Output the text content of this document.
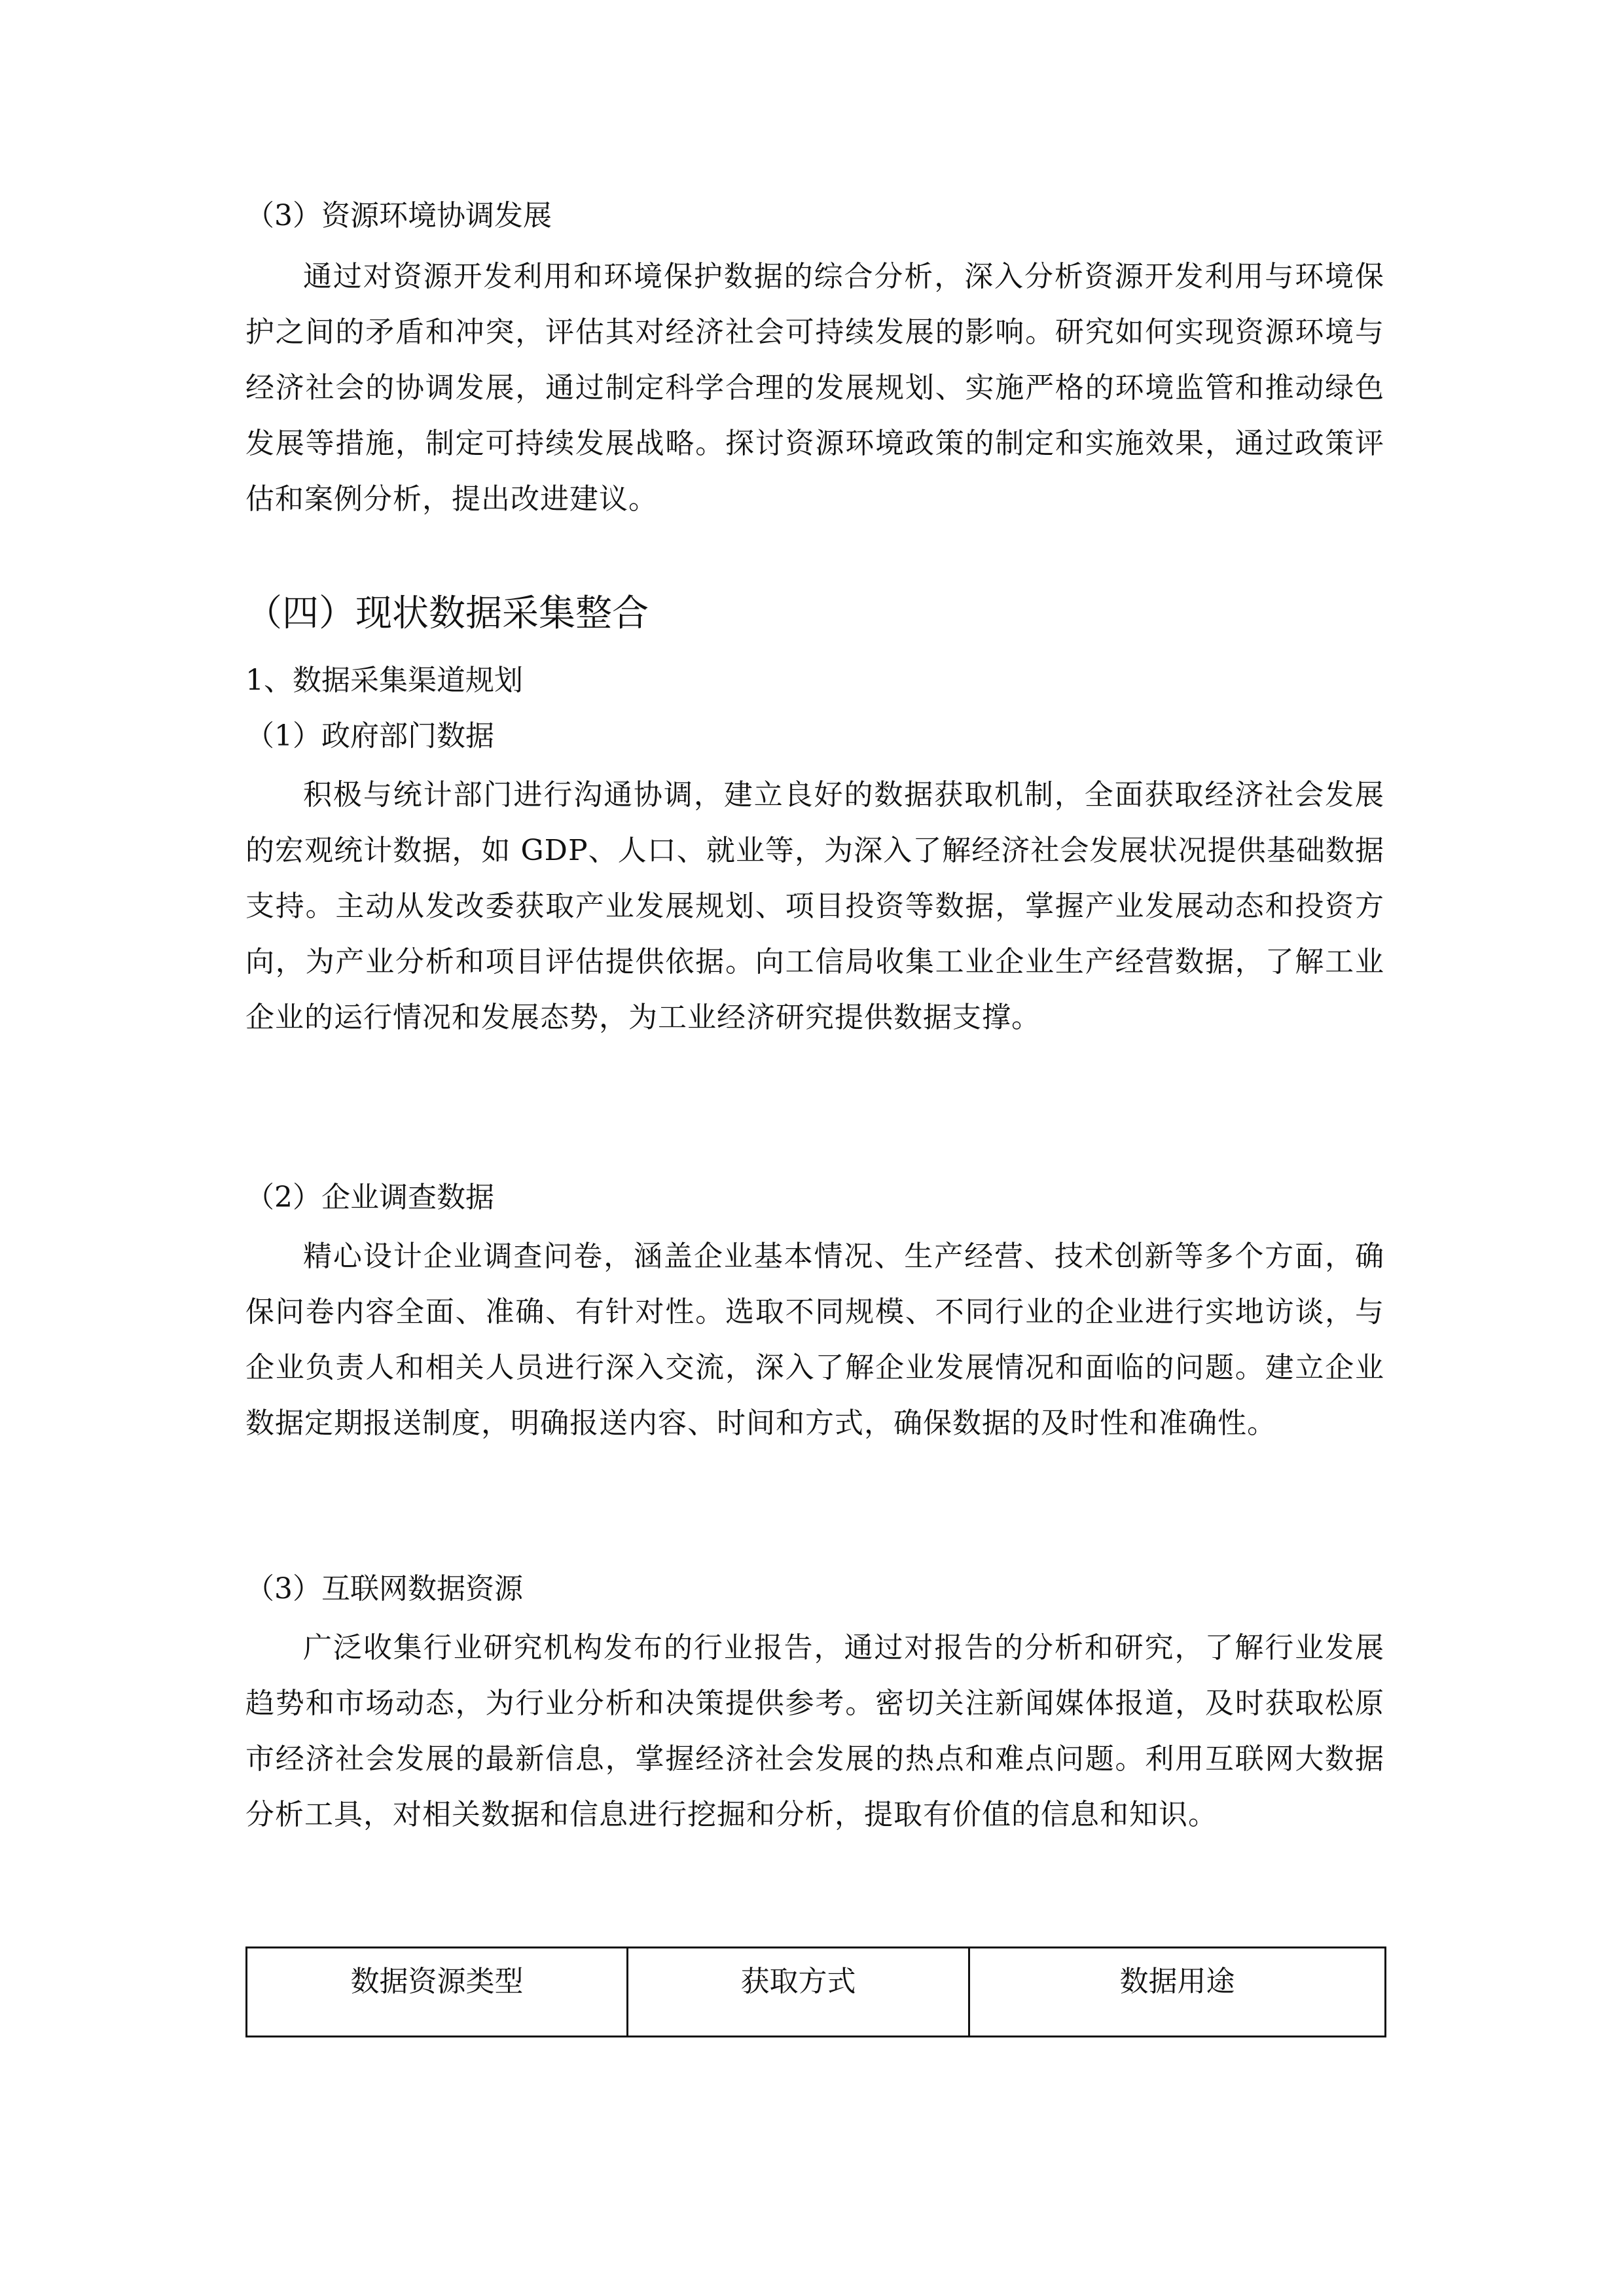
（3）资源环境协调发展
通过对资源开发利用和环境保护数据的综合分析，深入分析资源开发利用与环境保护之间的矛盾和冲突，评估其对经济社会可持续发展的影响。研究如何实现资源环境与经济社会的协调发展，通过制定科学合理的发展规划、实施严格的环境监管和推动绿色发展等措施，制定可持续发展战略。探讨资源环境政策的制定和实施效果，通过政策评估和案例分析，提出改进建议。
（四）现状数据采集整合
1、数据采集渠道规划
（1）政府部门数据
积极与统计部门进行沟通协调，建立良好的数据获取机制，全面获取经济社会发展的宏观统计数据，如 GDP、人口、就业等，为深入了解经济社会发展状况提供基础数据支持。主动从发改委获取产业发展规划、项目投资等数据，掌握产业发展动态和投资方向，为产业分析和项目评估提供依据。向工信局收集工业企业生产经营数据，了解工业企业的运行情况和发展态势，为工业经济研究提供数据支撑。
（2）企业调查数据
精心设计企业调查问卷，涵盖企业基本情况、生产经营、技术创新等多个方面，确保问卷内容全面、准确、有针对性。选取不同规模、不同行业的企业进行实地访谈，与企业负责人和相关人员进行深入交流，深入了解企业发展情况和面临的问题。建立企业数据定期报送制度，明确报送内容、时间和方式，确保数据的及时性和准确性。
（3）互联网数据资源
广泛收集行业研究机构发布的行业报告，通过对报告的分析和研究，了解行业发展趋势和市场动态，为行业分析和决策提供参考。密切关注新闻媒体报道，及时获取松原市经济社会发展的最新信息，掌握经济社会发展的热点和难点问题。利用互联网大数据分析工具，对相关数据和信息进行挖掘和分析，提取有价值的信息和知识。
数据资源类型	获取方式	数据用途
